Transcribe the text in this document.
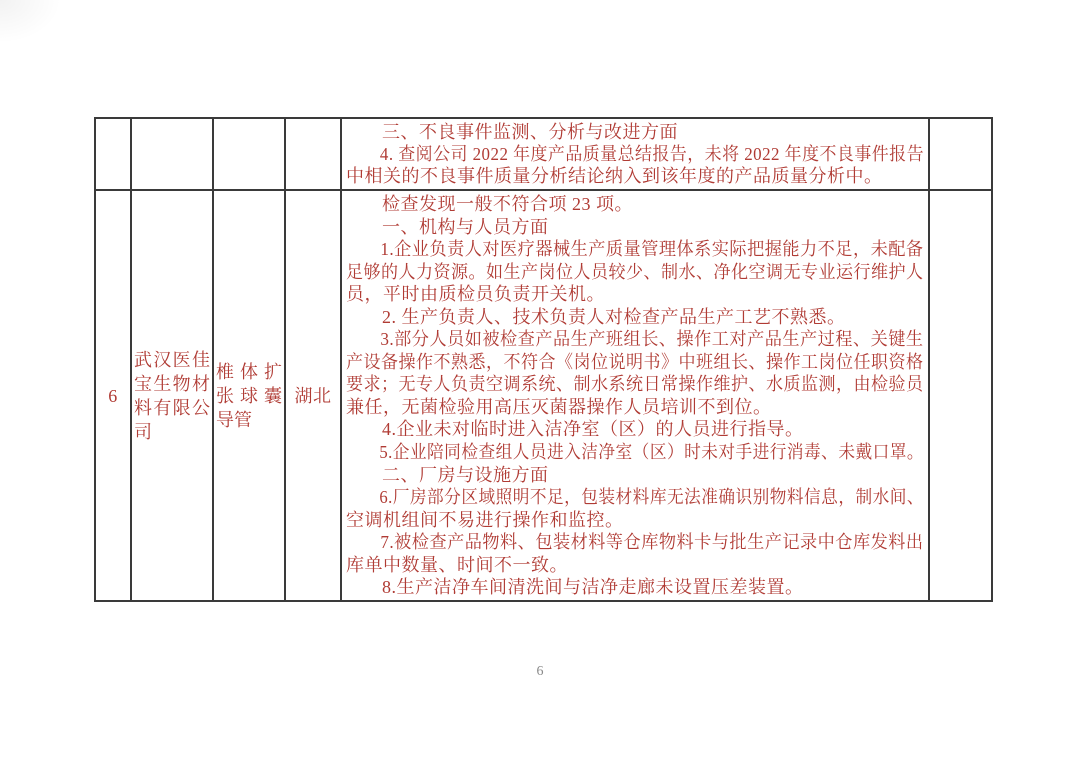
三、不良事件监测、分析与改进方面
4. 查阅公司 2022 年度产品质量总结报告，未将 2022 年度不良事件报告
中相关的不良事件质量分析结论纳入到该年度的产品质量分析中。
6
武汉医佳宝生物材料有限公司
椎体扩张球囊导管
湖北
检查发现一般不符合项 23 项。
一、机构与人员方面
1.企业负责人对医疗器械生产质量管理体系实际把握能力不足，未配备
足够的人力资源。如生产岗位人员较少、制水、净化空调无专业运行维护人
员，平时由质检员负责开关机。
2. 生产负责人、技术负责人对检查产品生产工艺不熟悉。
3.部分人员如被检查产品生产班组长、操作工对产品生产过程、关键生
产设备操作不熟悉，不符合《岗位说明书》中班组长、操作工岗位任职资格
要求；无专人负责空调系统、制水系统日常操作维护、水质监测，由检验员
兼任，无菌检验用高压灭菌器操作人员培训不到位。
4.企业未对临时进入洁净室（区）的人员进行指导。
5.企业陪同检查组人员进入洁净室（区）时未对手进行消毒、未戴口罩。
二、厂房与设施方面
6.厂房部分区域照明不足，包装材料库无法准确识别物料信息，制水间、
空调机组间不易进行操作和监控。
7.被检查产品物料、包装材料等仓库物料卡与批生产记录中仓库发料出
库单中数量、时间不一致。
8.生产洁净车间清洗间与洁净走廊未设置压差装置。
6
